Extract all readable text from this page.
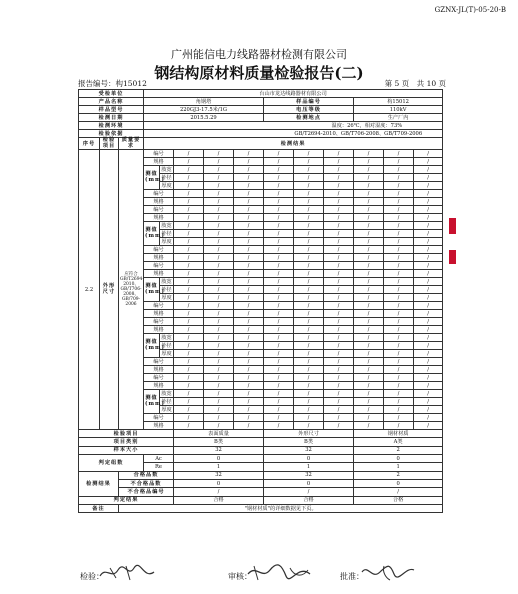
GZNX-JL(T)-05-20-B
广州能信电力线路器材检测有限公司
钢结构原材料质量检验报告(二)
报告编号：构15012	第 5 页　共 10 页
受检单位			台山市龙达线路器材有限公司										
产品名称			角钢塔					样品编号			构15012		
样品型号			220GJ3-17.5米/1G					电压等级			110kV		
检测日期			2015.5.29					检测地点			生产厂内		
检测环境			温度：26℃，相对湿度：73%										
检验依据			GB/T2694-2010、GB/T706-2008、GB/T709-2006										
序号	检验项目	质量要求	检测结果										
2.2	外形尺寸	应符合GB/T2694-2010、GB/T706-2008、GB/709-2006	编号		/	/	/	/	/	/	/	/	/
			规格		/	/	/	/	/	/	/	/	/
			测值(mm)	肢宽	/	/	/	/	/	/	/	/	/
				外径	/	/	/	/	/	/	/	/	/
				厚度	/	/	/	/	/	/	/	/	/
			编号		/	/	/	/	/	/	/	/	/
			规格		/	/	/	/	/	/	/	/	/
			编号		/	/	/	/	/	/	/	/	/
			规格		/	/	/	/	/	/	/	/	/
			测值(mm)	肢宽	/	/	/	/	/	/	/	/	/
				外径	/	/	/	/	/	/	/	/	/
				厚度	/	/	/	/	/	/	/	/	/
			编号		/	/	/	/	/	/	/	/	/
			规格		/	/	/	/	/	/	/	/	/
			编号		/	/	/	/	/	/	/	/	/
			规格		/	/	/	/	/	/	/	/	/
			测值(mm)	肢宽	/	/	/	/	/	/	/	/	/
				外径	/	/	/	/	/	/	/	/	/
				厚度	/	/	/	/	/	/	/	/	/
			编号		/	/	/	/	/	/	/	/	/
			规格		/	/	/	/	/	/	/	/	/
			编号		/	/	/	/	/	/	/	/	/
			规格		/	/	/	/	/	/	/	/	/
			测值(mm)	肢宽	/	/	/	/	/	/	/	/	/
				外径	/	/	/	/	/	/	/	/	/
				厚度	/	/	/	/	/	/	/	/	/
			编号		/	/	/	/	/	/	/	/	/
			规格		/	/	/	/	/	/	/	/	/
			编号		/	/	/	/	/	/	/	/	/
			规格		/	/	/	/	/	/	/	/	/
			测值(mm)	肢宽	/	/	/	/	/	/	/	/	/
				外径	/	/	/	/	/	/	/	/	/
				厚度	/	/	/	/	/	/	/	/	/
			编号		/	/	/	/	/	/	/	/	/
			规格		/	/	/	/	/	/	/	/	/
检验项目					表面质量			外形尺寸			钢材材质		
项目类别					B类			B类			A类		
样本大小					32			32			2		
判定组数			Ac		0			0			0		
			Re		1			1			1		
检测结果		合格品数			32			32			2		
		不合格品数			0			0			0		
		不合格品编号			/			/			/		
判定结果					合格			合格			合格		
备注		"钢材材质"的详细数据见下页。											
检验：	审核：	批准：
